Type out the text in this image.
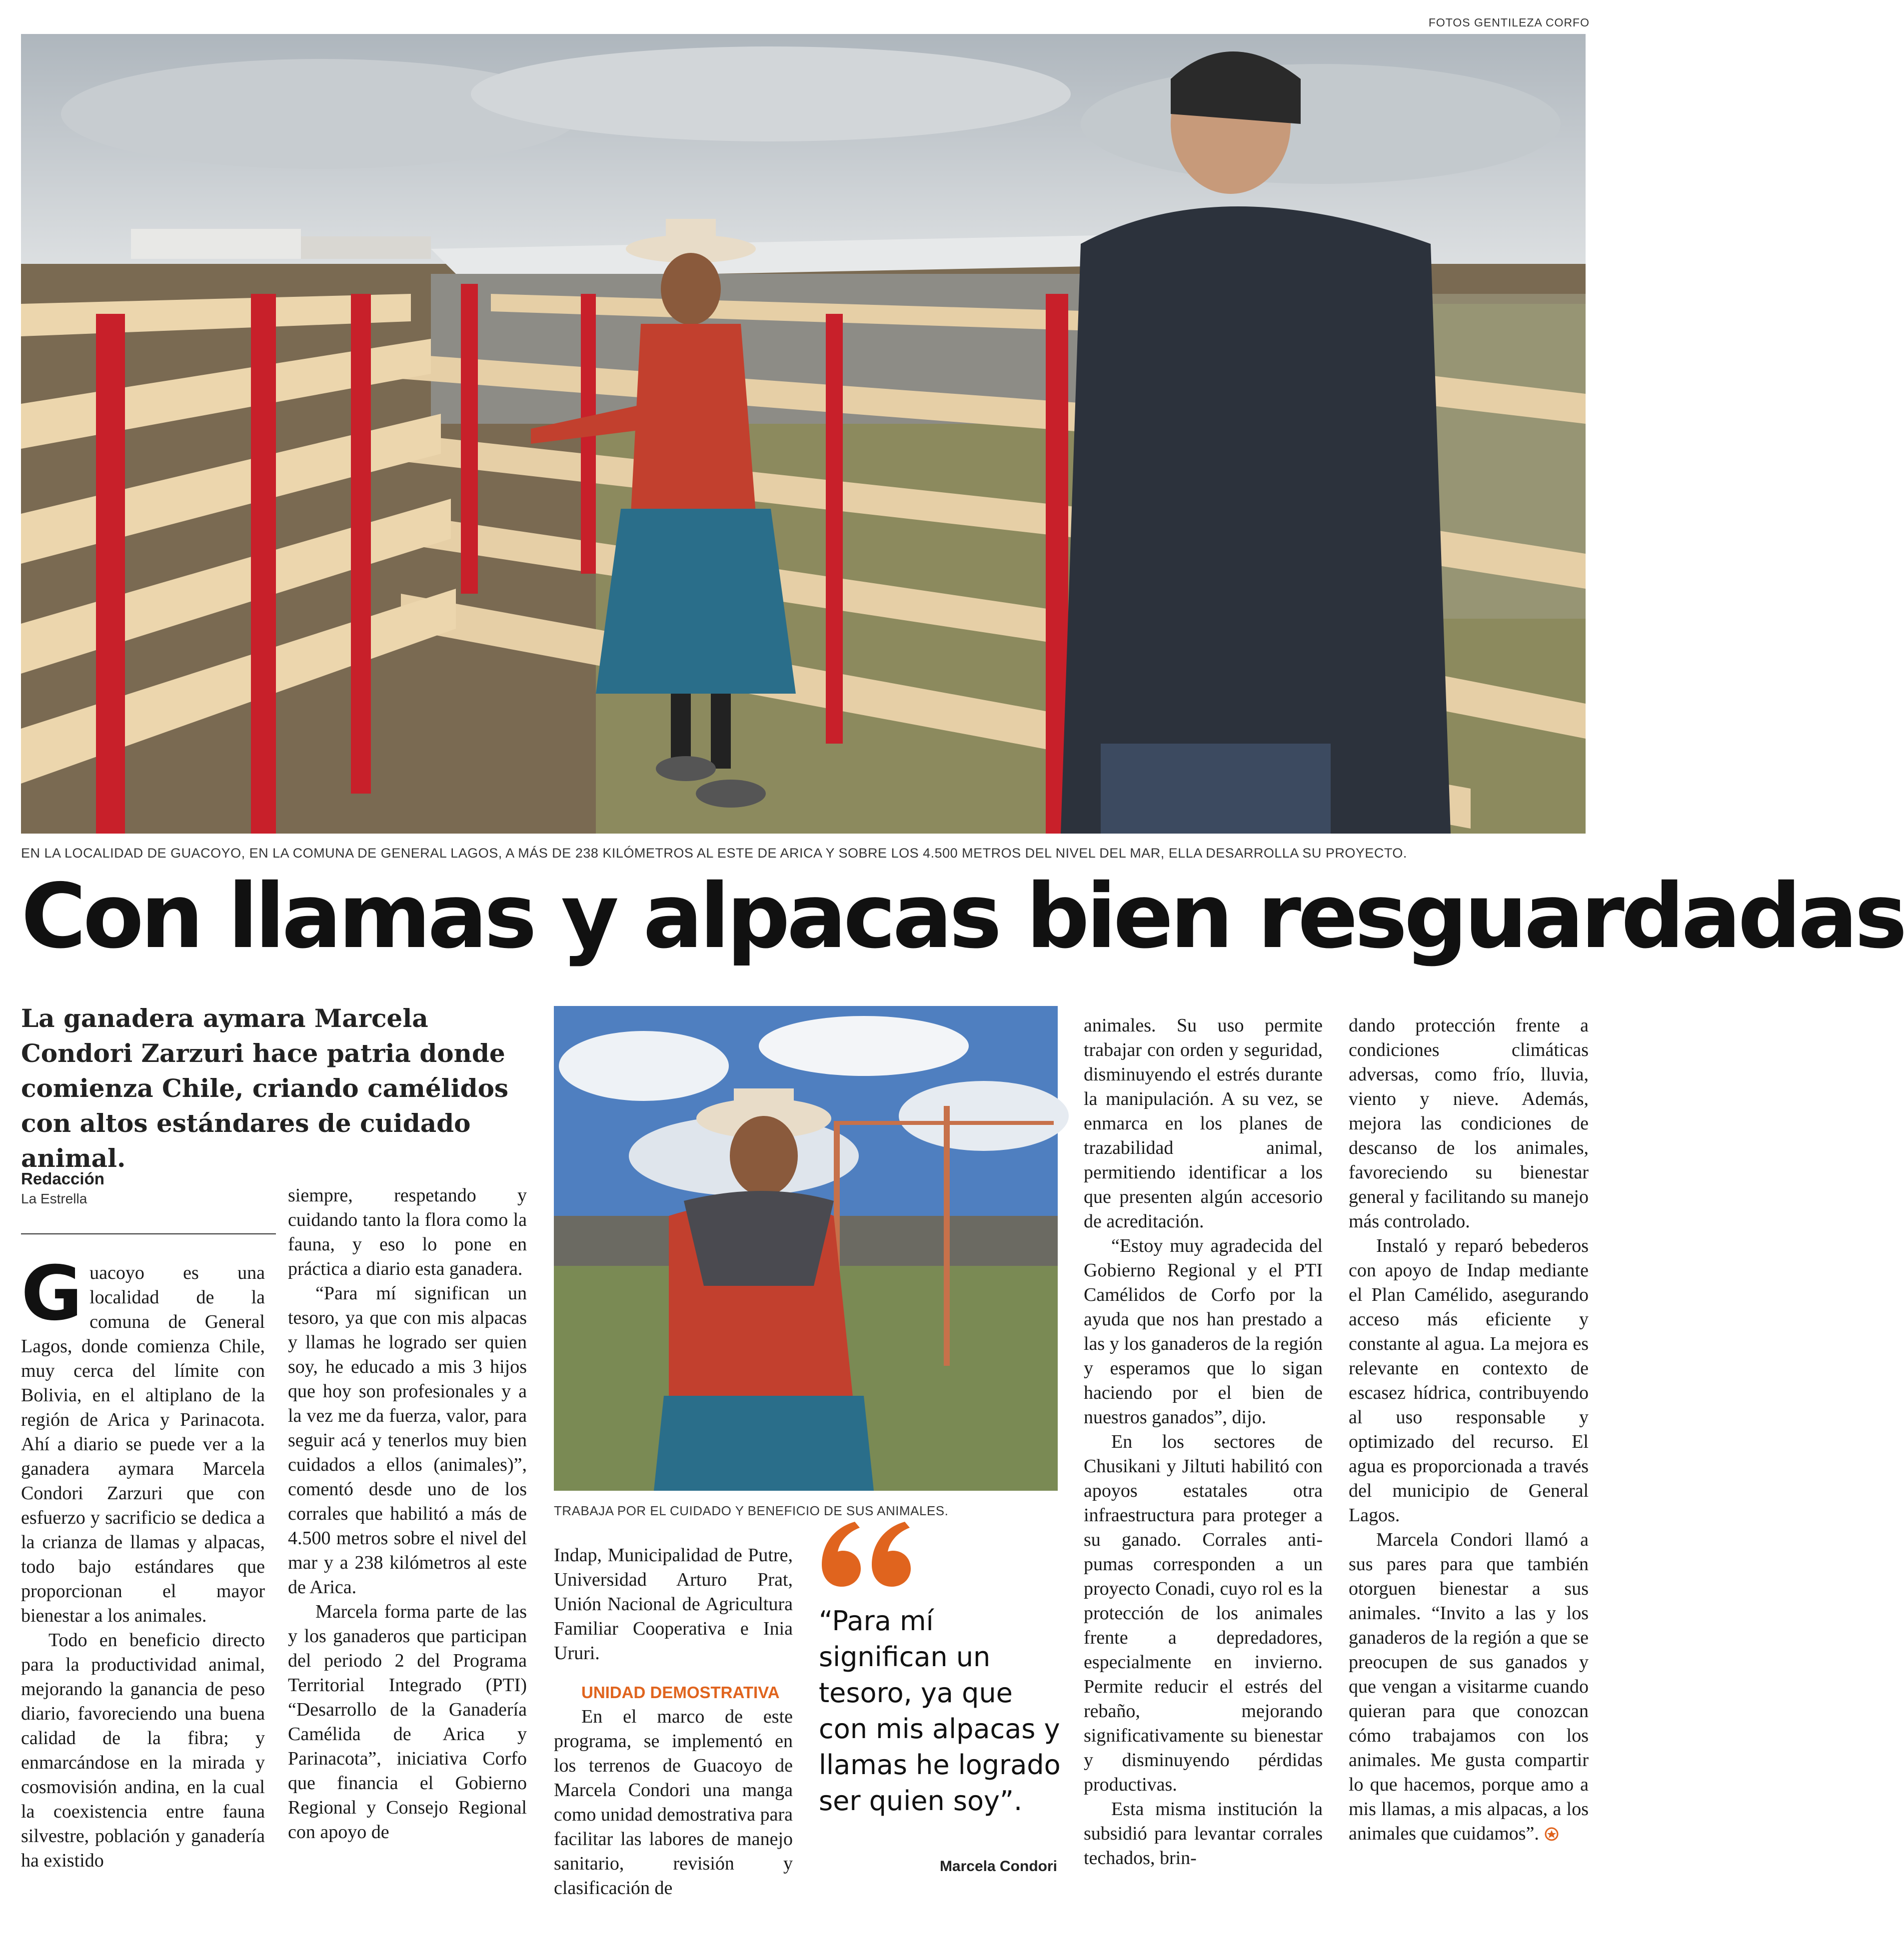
FOTOS GENTILEZA CORFO
EN LA LOCALIDAD DE GUACOYO, EN LA COMUNA DE GENERAL LAGOS, A MÁS DE 238 KILÓMETROS AL ESTE DE ARICA Y SOBRE LOS 4.500 METROS DEL NIVEL DEL MAR, ELLA DESARROLLA SU PROYECTO.
Con llamas y alpacas bien resguardadas
La ganadera aymara Marcela Condori Zarzuri hace patria donde comienza Chile, criando camélidos con altos estándares de cuidado animal.
Redacción
La Estrella
TRABAJA POR EL CUIDADO Y BENEFICIO DE SUS ANIMALES.

Guacoyo es una localidad de la comuna de General Lagos, donde comienza Chile, muy cerca del límite con Bolivia, en el altiplano de la región de Arica y Parinacota. Ahí a diario se puede ver a la ganadera aymara Marcela Condori Zarzuri que con esfuerzo y sacrificio se dedica a la crianza de llamas y alpacas, todo bajo estándares que proporcionan el mayor bienestar a los animales.

Todo en beneficio directo para la productividad animal, mejorando la ganancia de peso diario, favoreciendo una buena calidad de la fibra; y enmarcándose en la mirada y cosmovisión andina, en la cual la coexistencia entre fauna silvestre, población y ganadería ha existido

siempre, respetando y cuidando tanto la flora como la fauna, y eso lo pone en práctica a diario esta ganadera.

“Para mí significan un tesoro, ya que con mis alpacas y llamas he logrado ser quien soy, he educado a mis 3 hijos que hoy son profesionales y a la vez me da fuerza, valor, para seguir acá y tenerlos muy bien cuidados a ellos (animales)”, comentó desde uno de los corrales que habilitó a más de 4.500 metros sobre el nivel del mar y a 238 kilómetros al este de Arica.

Marcela forma parte de las y los ganaderos que participan del periodo 2 del Programa Territorial Integrado (PTI) “Desarrollo de la Ganadería Camélida de Arica y Parinacota”, iniciativa Corfo que financia el Gobierno Regional y Consejo Regional con apoyo de

Indap, Municipalidad de Putre, Universidad Arturo Prat, Unión Nacional de Agricultura Familiar Cooperativa e Inia Ururi.

UNIDAD DEMOSTRATIVA

En el marco de este programa, se implementó en los terrenos de Guacoyo de Marcela Condori una manga como unidad demostrativa para facilitar las labores de manejo sanitario, revisión y clasificación de

“Para mí significan un tesoro, ya que con mis alpacas y llamas he logrado ser quien soy”.
Marcela Condori

animales. Su uso permite trabajar con orden y seguridad, disminuyendo el estrés durante la manipulación. A su vez, se enmarca en los planes de trazabilidad animal, permitiendo identificar a los que presenten algún accesorio de acreditación.

“Estoy muy agradecida del Gobierno Regional y el PTI Camélidos de Corfo por la ayuda que nos han prestado a las y los ganaderos de la región y esperamos que lo sigan haciendo por el bien de nuestros ganados”, dijo.

En los sectores de Chusikani y Jiltuti habilitó con apoyos estatales otra infraestructura para proteger a su ganado. Corrales anti-pumas corresponden a un proyecto Conadi, cuyo rol es la protección de los animales frente a depredadores, especialmente en invierno. Permite reducir el estrés del rebaño, mejorando significativamente su bienestar y disminuyendo pérdidas productivas.

Esta misma institución la subsidió para levantar corrales techados, brin-

dando protección frente a condiciones climáticas adversas, como frío, lluvia, viento y nieve. Además, mejora las condiciones de descanso de los animales, favoreciendo su bienestar general y facilitando su manejo más controlado.

Instaló y reparó bebederos con apoyo de Indap mediante el Plan Camélido, asegurando acceso más eficiente y constante al agua. La mejora es relevante en contexto de escasez hídrica, contribuyendo al uso responsable y optimizado del recurso. El agua es proporcionada a través del municipio de General Lagos.

Marcela Condori llamó a sus pares para que también otorguen bienestar a sus animales. “Invito a las y los ganaderos de la región a que se preocupen de sus ganados y que vengan a visitarme cuando quieran para que conozcan cómo trabajamos con los animales. Me gusta compartir lo que hacemos, porque amo a mis llamas, a mis alpacas, a los animales que cuidamos”.
